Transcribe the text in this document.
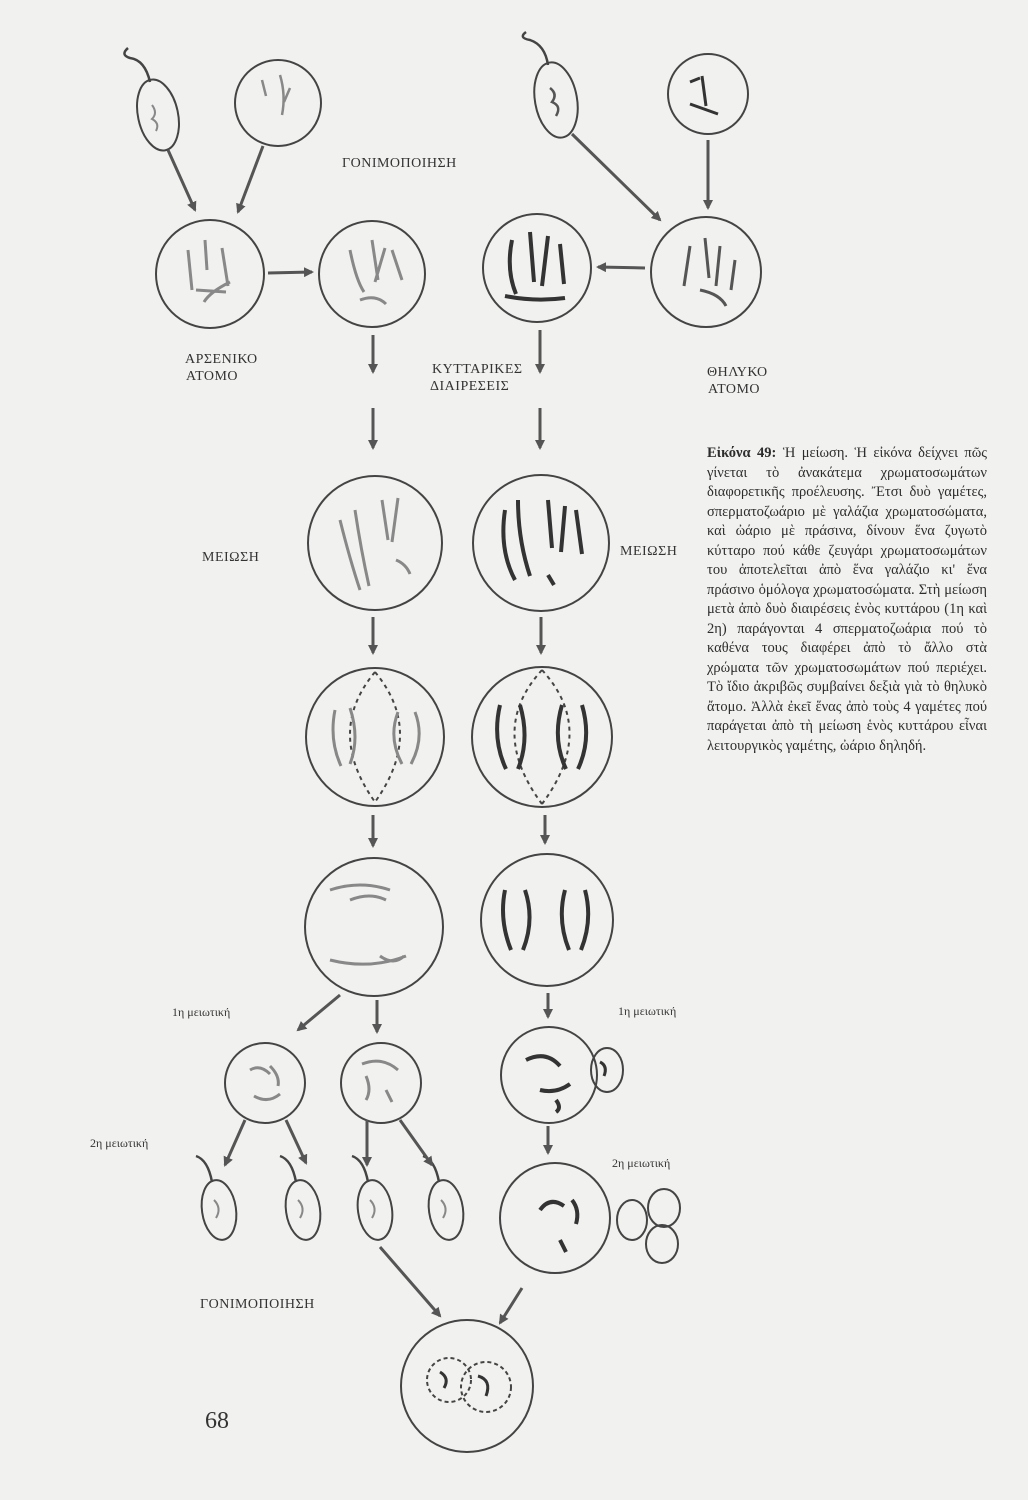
ΓΟΝΙΜΟΠΟΙΗΣΗ
ΑΡΣΕΝΙΚΟ
ΑΤΟΜΟ	ΚΥΤΤΑΡΙΚΕΣ
ΔΙΑΙΡΕΣΕΙΣ
ΘΗΛΥΚΟ
ΑΤΟΜΟ
ΜΕΙΩΣΗ	ΜΕΙΩΣΗ
1η μειωτική	1η μειωτική
2η μειωτική
2η μειωτική
ΓΟΝΙΜΟΠΟΙΗΣΗ
Εἰκόνα 49: Ἡ μείωση. Ἡ εἰκόνα δείχνει πῶς γίνεται τὸ ἀνακάτεμα χρωματοσωμάτων διαφορετικῆς προέλευσης. Ἔτσι δυὸ γαμέτες, σπερματοζωάριο μὲ γαλάζια χρωματοσώματα, καὶ ὠάριο μὲ πράσινα, δίνουν ἕνα ζυγωτὸ κύτταρο πού κάθε ζευγάρι χρωματοσωμάτων του ἀποτελεῖται ἀπὸ ἕνα γαλάζιο κι' ἕνα πράσινο ὁμόλογα χρωματοσώματα. Στὴ μείωση μετὰ ἀπὸ δυὸ διαιρέσεις ἑνὸς κυττάρου (1η καὶ 2η) παράγονται 4 σπερματοζωάρια πού τὸ καθένα τους διαφέρει ἀπὸ τὸ ἄλλο στὰ χρώματα τῶν χρωματοσωμάτων πού περιέχει. Τὸ ἴδιο ἀκριβῶς συμβαίνει δεξιὰ γιὰ τὸ θηλυκὸ ἄτομο. Ἀλλὰ ἐκεῖ ἕνας ἀπὸ τοὺς 4 γαμέτες πού παράγεται ἀπὸ τὴ μείωση ἑνὸς κυττάρου εἶναι λειτουργικὸς γαμέτης, ὠάριο δηληδή.
68
